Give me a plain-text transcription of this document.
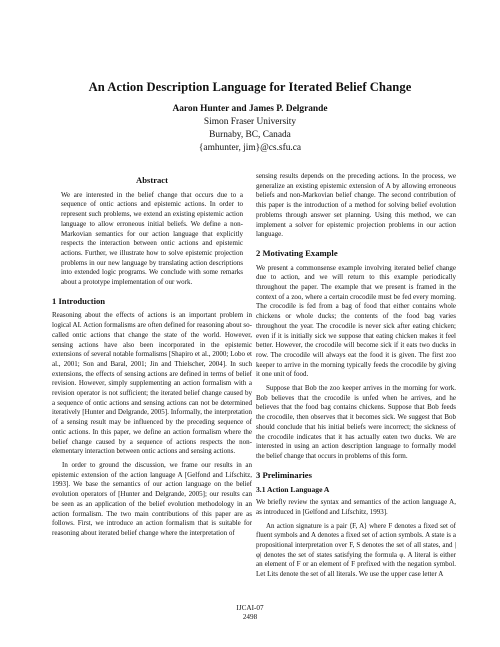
An Action Description Language for Iterated Belief Change
Aaron Hunter and James P. Delgrande
Simon Fraser University
Burnaby, BC, Canada
{amhunter, jim}@cs.sfu.ca
Abstract

We are interested in the belief change that occurs due to a sequence of ontic actions and epistemic actions. In order to represent such problems, we extend an existing epistemic action language to allow erroneous initial beliefs. We define a non-Markovian semantics for our action language that explicitly respects the interaction between ontic actions and epistemic actions. Further, we illustrate how to solve epistemic projection problems in our new language by translating action descriptions into extended logic programs. We conclude with some remarks about a prototype implementation of our work.

1 Introduction

Reasoning about the effects of actions is an important problem in logical AI. Action formalisms are often defined for reasoning about so-called ontic actions that change the state of the world. However, sensing actions have also been incorporated in the epistemic extensions of several notable formalisms [Shapiro et al., 2000; Lobo et al., 2001; Son and Baral, 2001; Jin and Thielscher, 2004]. In such extensions, the effects of sensing actions are defined in terms of belief revision. However, simply supplementing an action formalism with a revision operator is not sufficient; the iterated belief change caused by a sequence of ontic actions and sensing actions can not be determined iteratively [Hunter and Delgrande, 2005]. Informally, the interpretation of a sensing result may be influenced by the preceding sequence of ontic actions. In this paper, we define an action formalism where the belief change caused by a sequence of actions respects the non-elementary interaction between ontic actions and sensing actions.

In order to ground the discussion, we frame our results in an epistemic extension of the action language A [Gelfond and Lifschitz, 1993]. We base the semantics of our action language on the belief evolution operators of [Hunter and Delgrande, 2005]; our results can be seen as an application of the belief evolution methodology in an action formalism. The two main contributions of this paper are as follows. First, we introduce an action formalism that is suitable for reasoning about iterated belief change where the interpretation of

sensing results depends on the preceding actions. In the process, we generalize an existing epistemic extension of A by allowing erroneous beliefs and non-Markovian belief change. The second contribution of this paper is the introduction of a method for solving belief evolution problems through answer set planning. Using this method, we can implement a solver for epistemic projection problems in our action language.

2 Motivating Example

We present a commonsense example involving iterated belief change due to action, and we will return to this example periodically throughout the paper. The example that we present is framed in the context of a zoo, where a certain crocodile must be fed every morning. The crocodile is fed from a bag of food that either contains whole chickens or whole ducks; the contents of the food bag varies throughout the year. The crocodile is never sick after eating chicken; even if it is initially sick we suppose that eating chicken makes it feel better. However, the crocodile will become sick if it eats two ducks in row. The crocodile will always eat the food it is given. The first zoo keeper to arrive in the morning typically feeds the crocodile by giving it one unit of food.

Suppose that Bob the zoo keeper arrives in the morning for work. Bob believes that the crocodile is unfed when he arrives, and he believes that the food bag contains chickens. Suppose that Bob feeds the crocodile, then observes that it becomes sick. We suggest that Bob should conclude that his initial beliefs were incorrect; the sickness of the crocodile indicates that it has actually eaten two ducks. We are interested in using an action description language to formally model the belief change that occurs in problems of this form.

3 Preliminaries
3.1 Action Language A

We briefly review the syntax and semantics of the action language A, as introduced in [Gelfond and Lifschitz, 1993].

An action signature is a pair ⟨F, A⟩ where F denotes a fixed set of fluent symbols and A denotes a fixed set of action symbols. A state is a propositional interpretation over F, S denotes the set of all states, and |φ| denotes the set of states satisfying the formula φ. A literal is either an element of F or an element of F prefixed with the negation symbol. Let Lits denote the set of all literals. We use the upper case letter A

IJCAI-07
2498
